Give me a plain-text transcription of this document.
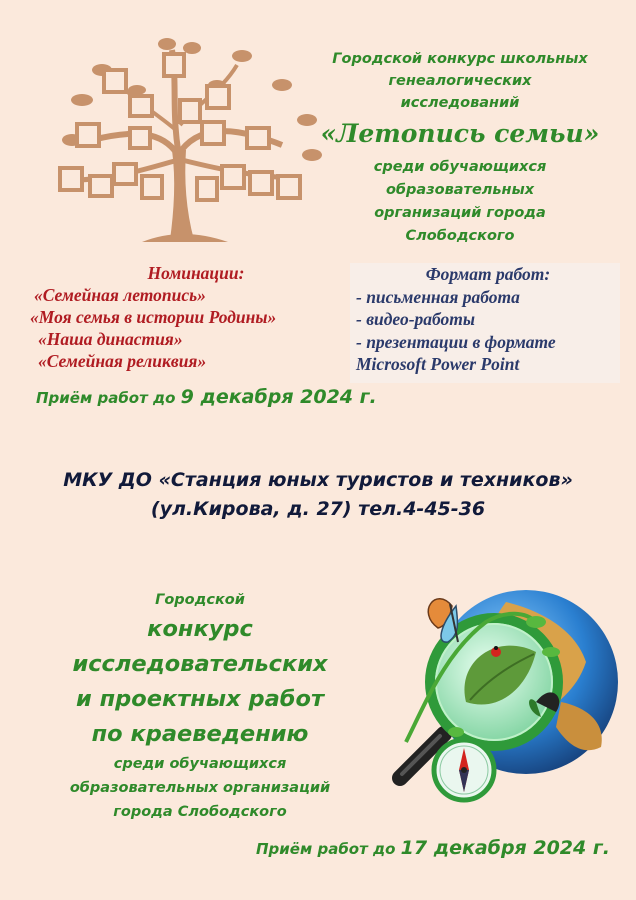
Городской конкурс школьных
генеалогических
исследований
«Летопись семьи»
среди обучающихся
образовательных
организаций города
Слободского
Номинации:
«Семейная летопись»
«Моя семья в истории Родины»
«Наша династия»
«Семейная реликвия»
Формат работ:
- письменная работа
- видео-работы
- презентации в формате
Microsoft Power Point
Приём работ до 9 декабря 2024 г.
МКУ ДО «Станция юных туристов и техников»
(ул.Кирова, д. 27) тел.4-45-36
Городской
конкурс
исследовательских
и проектных работ
по краеведению
среди обучающихся
образовательных организаций
города Слободского
Приём работ до 17 декабря 2024 г.
